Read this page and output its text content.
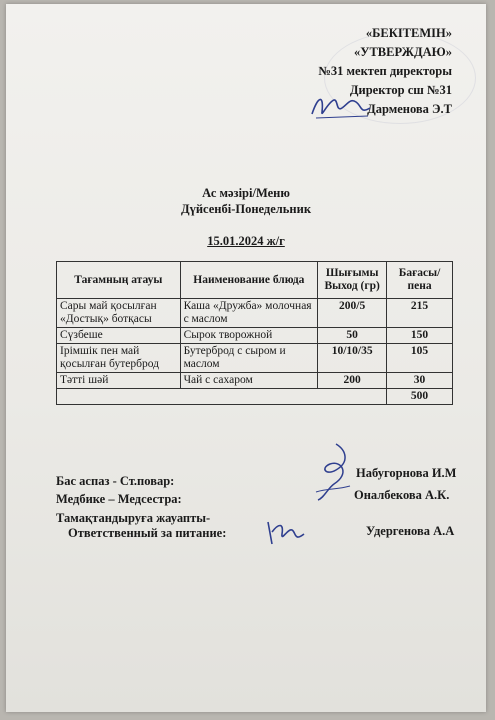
«БЕКІТЕМІН»
«УТВЕРЖДАЮ»
№31 мектеп директоры
Директор сш №31
Дарменова Э.Т
Ас мәзірі/Меню
Дүйсенбі-Понедельник
15.01.2024 ж/г
Тағамның атауы	Наименование блюда	Шығымы Выход (гр)	Бағасы/ пена
Сары май қосылған «Достық» ботқасы	Каша «Дружба» молочная с маслом	200/5	215
Сүзбеше	Сырок творожной	50	150
Ірімшік пен май қосылған бутерброд	Бутерброд с сыром и маслом	10/10/35	105
Тәтті шәй	Чай с сахаром	200	30
			500
Бас аспаз - Ст.повар:
Набугорнова И.М
Медбике – Медсестра:	Оналбекова А.К.
Тамақтандыруға жауапты-
Ответственный за питание:	Удергенова А.А
